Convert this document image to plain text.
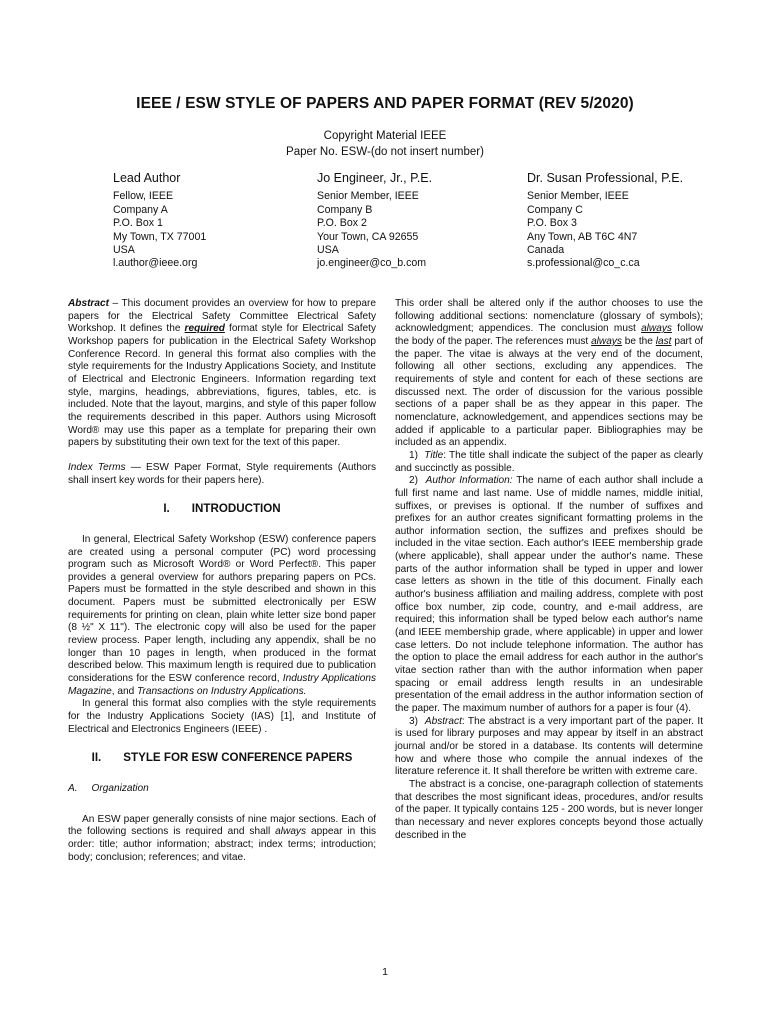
IEEE / ESW STYLE OF PAPERS AND PAPER FORMAT (REV 5/2020)
Copyright Material IEEE
Paper No. ESW-(do not insert number)
Lead Author
Fellow, IEEE
Company A
P.O. Box 1
My Town, TX 77001
USA
l.author@ieee.org
Jo Engineer, Jr., P.E.
Senior Member, IEEE
Company B
P.O. Box 2
Your Town, CA 92655
USA
jo.engineer@co_b.com
Dr. Susan Professional, P.E.
Senior Member, IEEE
Company C
P.O. Box 3
Any Town, AB T6C 4N7
Canada
s.professional@co_c.ca

Abstract – This document provides an overview for how to prepare papers for the Electrical Safety Committee Electrical Safety Workshop. It defines the required format style for Electrical Safety Workshop papers for publication in the Electrical Safety Workshop Conference Record. In general this format also complies with the style requirements for the Industry Applications Society, and Institute of Electrical and Electronic Engineers. Information regarding text style, margins, headings, abbreviations, figures, tables, etc. is included. Note that the layout, margins, and style of this paper follow the requirements described in this paper. Authors using Microsoft Word® may use this paper as a template for preparing their own papers by substituting their own text for the text of this paper.

Index Terms — ESW Paper Format, Style requirements (Authors shall insert key words for their papers here).

I. INTRODUCTION

In general, Electrical Safety Workshop (ESW) conference papers are created using a personal computer (PC) word processing program such as Microsoft Word® or Word Perfect®. This paper provides a general overview for authors preparing papers on PCs. Papers must be formatted in the style described and shown in this document. Papers must be submitted electronically per ESW requirements for printing on clean, plain white letter size bond paper (8 ½" X 11"). The electronic copy will also be used for the paper review process. Paper length, including any appendix, shall be no longer than 10 pages in length, when produced in the format described below. This maximum length is required due to publication considerations for the ESW conference record, Industry Applications Magazine, and Transactions on Industry Applications.

In general this format also complies with the style requirements for the Industry Applications Society (IAS) [1], and Institute of Electrical and Electronics Engineers (IEEE) .

II. STYLE FOR ESW CONFERENCE PAPERS
A. Organization

An ESW paper generally consists of nine major sections. Each of the following sections is required and shall always appear in this order: title; author information; abstract; index terms; introduction; body; conclusion; references; and vitae.

This order shall be altered only if the author chooses to use the following additional sections: nomenclature (glossary of symbols); acknowledgment; appendices. The conclusion must always follow the body of the paper. The references must always be the last part of the paper. The vitae is always at the very end of the document, following all other sections, excluding any appendices. The requirements of style and content for each of these sections are discussed next. The order of discussion for the various possible sections of a paper shall be as they appear in this paper. The nomenclature, acknowledgement, and appendices sections may be added if applicable to a particular paper. Bibliographies may be included as an appendix.

1) Title: The title shall indicate the subject of the paper as clearly and succinctly as possible.

2) Author Information: The name of each author shall include a full first name and last name. Use of middle names, middle initial, suffixes, or previses is optional. If the number of suffixes and prefixes for an author creates significant formatting prolems in the author information section, the suffizes and prefixes should be included in the vitae section. Each author's IEEE membership grade (where applicable), shall appear under the author's name. These parts of the author information shall be typed in upper and lower case letters as shown in the title of this document. Finally each author's business affiliation and mailing address, complete with post office box number, zip code, country, and e-mail address, are required; this information shall be typed below each author's name (and IEEE membership grade, where applicable) in upper and lower case letters. Do not include telephone information. The author has the option to place the email address for each author in the author's vitae section rather than with the author information when paper spacing or email address length results in an undesirable presentation of the email address in the author information section of the paper. The maximum number of authors for a paper is four (4).

3) Abstract: The abstract is a very important part of the paper. It is used for library purposes and may appear by itself in an abstract journal and/or be stored in a database. Its contents will determine how and where those who compile the annual indexes of the literature reference it. It shall therefore be written with extreme care.

The abstract is a concise, one-paragraph collection of statements that describes the most significant ideas, procedures, and/or results of the paper. It typically contains 125 - 200 words, but is never longer than necessary and never explores concepts beyond those actually described in the

1
